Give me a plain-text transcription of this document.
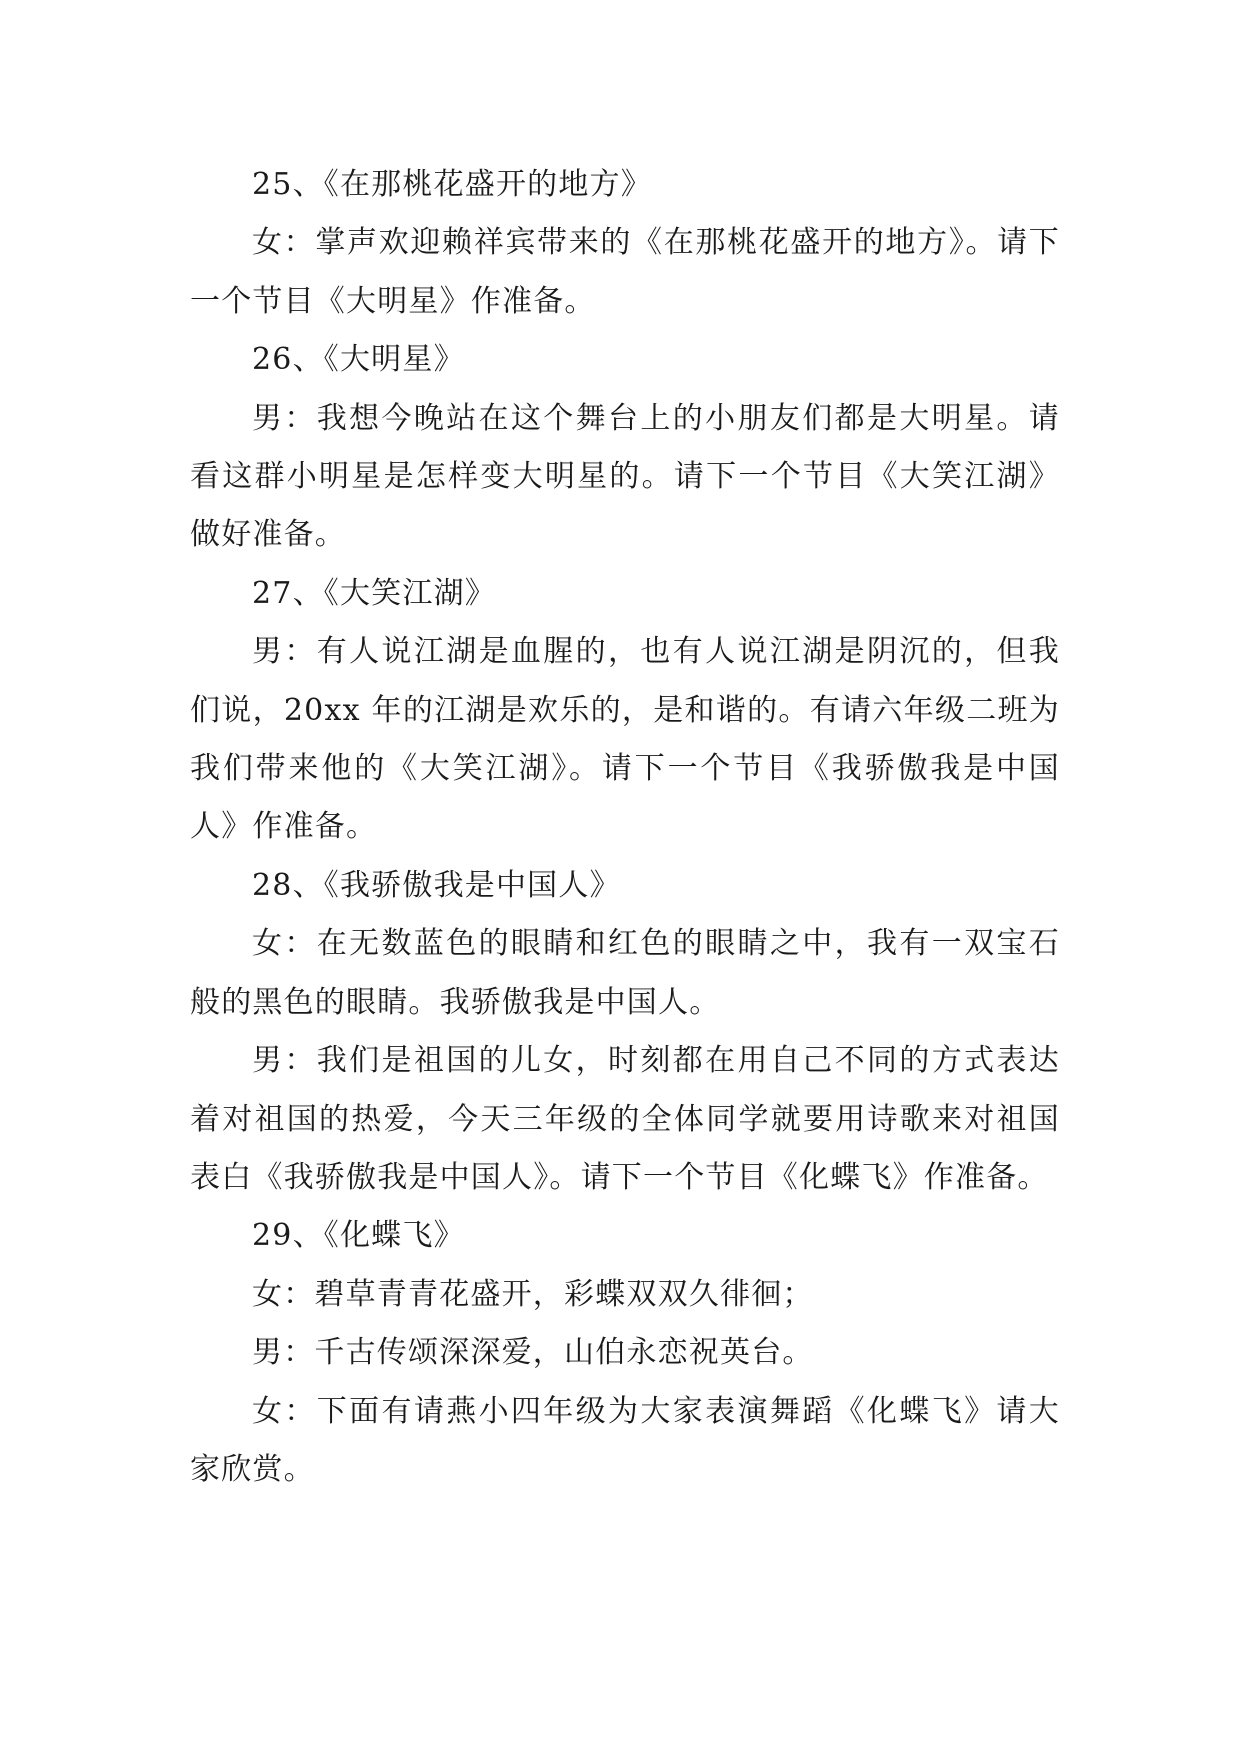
25、《在那桃花盛开的地方》

女：掌声欢迎赖祥宾带来的《在那桃花盛开的地方》。请下一个节目《大明星》作准备。

26、《大明星》

男：我想今晚站在这个舞台上的小朋友们都是大明星。请看这群小明星是怎样变大明星的。请下一个节目《大笑江湖》做好准备。

27、《大笑江湖》

男：有人说江湖是血腥的，也有人说江湖是阴沉的，但我们说，20xx 年的江湖是欢乐的，是和谐的。有请六年级二班为我们带来他的《大笑江湖》。请下一个节目《我骄傲我是中国人》作准备。

28、《我骄傲我是中国人》

女：在无数蓝色的眼睛和红色的眼睛之中，我有一双宝石般的黑色的眼睛。我骄傲我是中国人。

男：我们是祖国的儿女，时刻都在用自己不同的方式表达着对祖国的热爱，今天三年级的全体同学就要用诗歌来对祖国表白《我骄傲我是中国人》。请下一个节目《化蝶飞》作准备。

29、《化蝶飞》

女：碧草青青花盛开，彩蝶双双久徘徊；

男：千古传颂深深爱，山伯永恋祝英台。

女：下面有请燕小四年级为大家表演舞蹈《化蝶飞》请大家欣赏。
